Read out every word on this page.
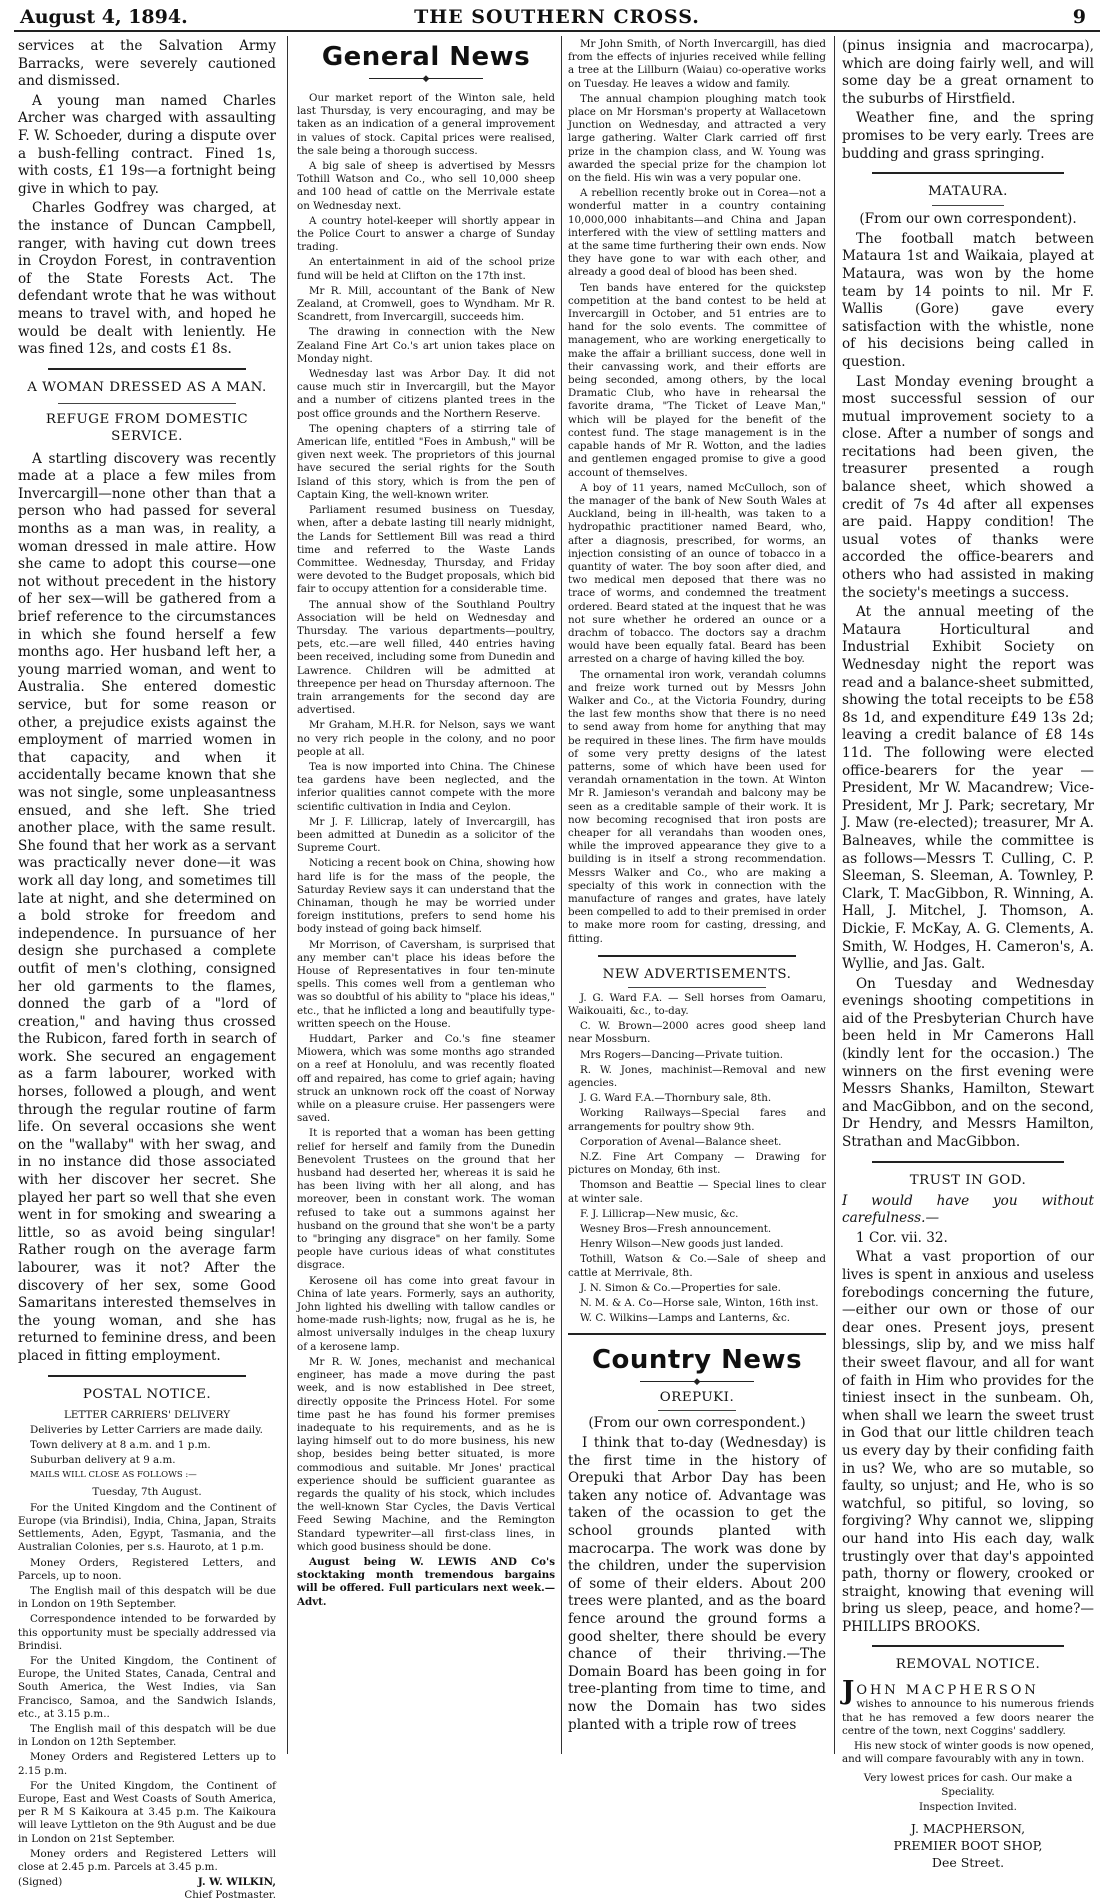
August 4, 1894.	THE SOUTHERN CROSS.	9

services at the Salvation Army Barracks, were severely cautioned and dismissed.

A young man named Charles Archer was charged with assaulting F. W. Schoeder, during a dispute over a bush-felling contract. Fined 1s, with costs, £1 19s—a fortnight being give in which to pay.

Charles Godfrey was charged, at the instance of Duncan Campbell, ranger, with having cut down trees in Croydon Forest, in contravention of the State Forests Act. The defendant wrote that he was without means to travel with, and hoped he would be dealt with leniently. He was fined 12s, and costs £1 8s.

A WOMAN DRESSED AS A MAN.
REFUGE FROM DOMESTIC SERVICE.

A startling discovery was recently made at a place a few miles from Invercargill—none other than that a person who had passed for several months as a man was, in reality, a woman dressed in male attire. How she came to adopt this course—one not without precedent in the history of her sex—will be gathered from a brief reference to the circumstances in which she found herself a few months ago. Her husband left her, a young married woman, and went to Australia. She entered domestic service, but for some reason or other, a prejudice exists against the employment of married women in that capacity, and when it accidentally became known that she was not single, some unpleasantness ensued, and she left. She tried another place, with the same result. She found that her work as a servant was practically never done—it was work all day long, and sometimes till late at night, and she determined on a bold stroke for freedom and independence. In pursuance of her design she purchased a complete outfit of men's clothing, consigned her old garments to the flames, donned the garb of a "lord of creation," and having thus crossed the Rubicon, fared forth in search of work. She secured an engagement as a farm labourer, worked with horses, followed a plough, and went through the regular routine of farm life. On several occasions she went on the "wallaby" with her swag, and in no instance did those associated with her discover her secret. She played her part so well that she even went in for smoking and swearing a little, so as avoid being singular! Rather rough on the average farm labourer, was it not? After the discovery of her sex, some Good Samaritans interested themselves in the young woman, and she has returned to feminine dress, and been placed in fitting employment.

POSTAL NOTICE.

LETTER CARRIERS' DELIVERY

Deliveries by Letter Carriers are made daily.

Town delivery at 8 a.m. and 1 p.m.

Suburban delivery at 9 a.m.

MAILS WILL CLOSE AS FOLLOWS :—

Tuesday, 7th August.

For the United Kingdom and the Continent of Europe (via Brindisi), India, China, Japan, Straits Settlements, Aden, Egypt, Tasmania, and the Australian Colonies, per s.s. Hauroto, at 1 p.m.

Money Orders, Registered Letters, and Parcels, up to noon.

The English mail of this despatch will be due in London on 19th September.

Correspondence intended to be forwarded by this opportunity must be specially addressed via Brindisi.

For the United Kingdom, the Continent of Europe, the United States, Canada, Central and South America, the West Indies, via San Francisco, Samoa, and the Sandwich Islands, etc., at 3.15 p.m..

The English mail of this despatch will be due in London on 12th September.

Money Orders and Registered Letters up to 2.15 p.m.

For the United Kingdom, the Continent of Europe, East and West Coasts of South America, per R M S Kaikoura at 3.45 p.m. The Kaikoura will leave Lyttleton on the 9th August and be due in London on 21st September.

Money orders and Registered Letters will close at 2.45 p.m. Parcels at 3.45 p.m.

(Signed)	J. W. WILKIN,

Chief Postmaster.

General News
◆

Our market report of the Winton sale, held last Thursday, is very encouraging, and may be taken as an indication of a general improvement in values of stock. Capital prices were realised, the sale being a thorough success.

A big sale of sheep is advertised by Messrs Tothill Watson and Co., who sell 10,000 sheep and 100 head of cattle on the Merrivale estate on Wednesday next.

A country hotel-keeper will shortly appear in the Police Court to answer a charge of Sunday trading.

An entertainment in aid of the school prize fund will be held at Clifton on the 17th inst.

Mr R. Mill, accountant of the Bank of New Zealand, at Cromwell, goes to Wyndham. Mr R. Scandrett, from Invercargill, succeeds him.

The drawing in connection with the New Zealand Fine Art Co.'s art union takes place on Monday night.

Wednesday last was Arbor Day. It did not cause much stir in Invercargill, but the Mayor and a number of citizens planted trees in the post office grounds and the Northern Reserve.

The opening chapters of a stirring tale of American life, entitled "Foes in Ambush," will be given next week. The proprietors of this journal have secured the serial rights for the South Island of this story, which is from the pen of Captain King, the well-known writer.

Parliament resumed business on Tuesday, when, after a debate lasting till nearly midnight, the Lands for Settlement Bill was read a third time and referred to the Waste Lands Committee. Wednesday, Thursday, and Friday were devoted to the Budget proposals, which bid fair to occupy attention for a considerable time.

The annual show of the Southland Poultry Association will be held on Wednesday and Thursday. The various departments—poultry, pets, etc.—are well filled, 440 entries having been received, including some from Dunedin and Lawrence. Children will be admitted at threepence per head on Thursday afternoon. The train arrangements for the second day are advertised.

Mr Graham, M.H.R. for Nelson, says we want no very rich people in the colony, and no poor people at all.

Tea is now imported into China. The Chinese tea gardens have been neglected, and the inferior qualities cannot compete with the more scientific cultivation in India and Ceylon.

Mr J. F. Lillicrap, lately of Invercargill, has been admitted at Dunedin as a solicitor of the Supreme Court.

Noticing a recent book on China, showing how hard life is for the mass of the people, the Saturday Review says it can understand that the Chinaman, though he may be worried under foreign institutions, prefers to send home his body instead of going back himself.

Mr Morrison, of Caversham, is surprised that any member can't place his ideas before the House of Representatives in four ten-minute spells. This comes well from a gentleman who was so doubtful of his ability to "place his ideas," etc., that he inflicted a long and beautifully type-written speech on the House.

Huddart, Parker and Co.'s fine steamer Miowera, which was some months ago stranded on a reef at Honolulu, and was recently floated off and repaired, has come to grief again; having struck an unknown rock off the coast of Norway while on a pleasure cruise. Her passengers were saved.

It is reported that a woman has been getting relief for herself and family from the Dunedin Benevolent Trustees on the ground that her husband had deserted her, whereas it is said he has been living with her all along, and has moreover, been in constant work. The woman refused to take out a summons against her husband on the ground that she won't be a party to "bringing any disgrace" on her family. Some people have curious ideas of what constitutes disgrace.

Kerosene oil has come into great favour in China of late years. Formerly, says an authority, John lighted his dwelling with tallow candles or home-made rush-lights; now, frugal as he is, he almost universally indulges in the cheap luxury of a kerosene lamp.

Mr R. W. Jones, mechanist and mechanical engineer, has made a move during the past week, and is now established in Dee street, directly opposite the Princess Hotel. For some time past he has found his former premises inadequate to his requirements, and as he is laying himself out to do more business, his new shop, besides being better situated, is more commodious and suitable. Mr Jones' practical experience should be sufficient guarantee as regards the quality of his stock, which includes the well-known Star Cycles, the Davis Vertical Feed Sewing Machine, and the Remington Standard typewriter—all first-class lines, in which good business should be done.

August being W. LEWIS AND Co's stocktaking month tremendous bargains will be offered. Full particulars next week.—Advt.

Mr John Smith, of North Invercargill, has died from the effects of injuries received while felling a tree at the Lillburn (Waiau) co-operative works on Tuesday. He leaves a widow and family.

The annual champion ploughing match took place on Mr Horsman's property at Wallacetown Junction on Wednesday, and attracted a very large gathering. Walter Clark carried off first prize in the champion class, and W. Young was awarded the special prize for the champion lot on the field. His win was a very popular one.

A rebellion recently broke out in Corea—not a wonderful matter in a country containing 10,000,000 inhabitants—and China and Japan interfered with the view of settling matters and at the same time furthering their own ends. Now they have gone to war with each other, and already a good deal of blood has been shed.

Ten bands have entered for the quickstep competition at the band contest to be held at Invercargill in October, and 51 entries are to hand for the solo events. The committee of management, who are working energetically to make the affair a brilliant success, done well in their canvassing work, and their efforts are being seconded, among others, by the local Dramatic Club, who have in rehearsal the favorite drama, "The Ticket of Leave Man," which will be played for the benefit of the contest fund. The stage management is in the capable hands of Mr R. Wotton, and the ladies and gentlemen engaged promise to give a good account of themselves.

A boy of 11 years, named McCulloch, son of the manager of the bank of New South Wales at Auckland, being in ill-health, was taken to a hydropathic practitioner named Beard, who, after a diagnosis, prescribed, for worms, an injection consisting of an ounce of tobacco in a quantity of water. The boy soon after died, and two medical men deposed that there was no trace of worms, and condemned the treatment ordered. Beard stated at the inquest that he was not sure whether he ordered an ounce or a drachm of tobacco. The doctors say a drachm would have been equally fatal. Beard has been arrested on a charge of having killed the boy.

The ornamental iron work, verandah columns and freize work turned out by Messrs John Walker and Co., at the Victoria Foundry, during the last few months show that there is no need to send away from home for anything that may be required in these lines. The firm have moulds of some very pretty designs of the latest patterns, some of which have been used for verandah ornamentation in the town. At Winton Mr R. Jamieson's verandah and balcony may be seen as a creditable sample of their work. It is now becoming recognised that iron posts are cheaper for all verandahs than wooden ones, while the improved appearance they give to a building is in itself a strong recommendation. Messrs Walker and Co., who are making a specialty of this work in connection with the manufacture of ranges and grates, have lately been compelled to add to their premised in order to make more room for casting, dressing, and fitting.

NEW ADVERTISEMENTS.

J. G. Ward F.A. — Sell horses from Oamaru, Waikouaiti, &c., to-day.

C. W. Brown—2000 acres good sheep land near Mossburn.

Mrs Rogers—Dancing—Private tuition.

R. W. Jones, machinist—Removal and new agencies.

J. G. Ward F.A.—Thornbury sale, 8th.

Working Railways—Special fares and arrangements for poultry show 9th.

Corporation of Avenal—Balance sheet.

N.Z. Fine Art Company — Drawing for pictures on Monday, 6th inst.

Thomson and Beattie — Special lines to clear at winter sale.

F. J. Lillicrap—New music, &c.

Wesney Bros—Fresh announcement.

Henry Wilson—New goods just landed.

Tothill, Watson & Co.—Sale of sheep and cattle at Merrivale, 8th.

J. N. Simon & Co.—Properties for sale.

N. M. & A. Co—Horse sale, Winton, 16th inst.

W. C. Wilkins—Lamps and Lanterns, &c.

Country News
◆
OREPUKI.

(From our own correspondent.)

I think that to-day (Wednesday) is the first time in the history of Orepuki that Arbor Day has been taken any notice of. Advantage was taken of the ocassion to get the school grounds planted with macrocarpa. The work was done by the children, under the supervision of some of their elders. About 200 trees were planted, and as the board fence around the ground forms a good shelter, there should be every chance of their thriving.—The Domain Board has been going in for tree-planting from time to time, and now the Domain has two sides planted with a triple row of trees

(pinus insignia and macrocarpa), which are doing fairly well, and will some day be a great ornament to the suburbs of Hirstfield.

Weather fine, and the spring promises to be very early. Trees are budding and grass springing.

MATAURA.

(From our own correspondent).

The football match between Mataura 1st and Waikaia, played at Mataura, was won by the home team by 14 points to nil. Mr F. Wallis (Gore) gave every satisfaction with the whistle, none of his decisions being called in question.

Last Monday evening brought a most successful session of our mutual improvement society to a close. After a number of songs and recitations had been given, the treasurer presented a rough balance sheet, which showed a credit of 7s 4d after all expenses are paid. Happy condition! The usual votes of thanks were accorded the office-bearers and others who had assisted in making the society's meetings a success.

At the annual meeting of the Mataura Horticultural and Industrial Exhibit Society on Wednesday night the report was read and a balance-sheet submitted, showing the total receipts to be £58 8s 1d, and expenditure £49 13s 2d; leaving a credit balance of £8 14s 11d. The following were elected office-bearers for the year — President, Mr W. Macandrew; Vice-President, Mr J. Park; secretary, Mr J. Maw (re-elected); treasurer, Mr A. Balneaves, while the committee is as follows—Messrs T. Culling, C. P. Sleeman, S. Sleeman, A. Townley, P. Clark, T. MacGibbon, R. Winning, A. Hall, J. Mitchel, J. Thomson, A. Dickie, F. McKay, A. G. Clements, A. Smith, W. Hodges, H. Cameron's, A. Wyllie, and Jas. Galt.

On Tuesday and Wednesday evenings shooting competitions in aid of the Presbyterian Church have been held in Mr Camerons Hall (kindly lent for the occasion.) The winners on the first evening were Messrs Shanks, Hamilton, Stewart and MacGibbon, and on the second, Dr Hendry, and Messrs Hamilton, Strathan and MacGibbon.

TRUST IN GOD.

I would have you without carefulness.—

1 Cor. vii. 32.

What a vast proportion of our lives is spent in anxious and useless forebodings concerning the future,—either our own or those of our dear ones. Present joys, present blessings, slip by, and we miss half their sweet flavour, and all for want of faith in Him who provides for the tiniest insect in the sunbeam. Oh, when shall we learn the sweet trust in God that our little children teach us every day by their confiding faith in us? We, who are so mutable, so faulty, so unjust; and He, who is so watchful, so pitiful, so loving, so forgiving? Why cannot we, slipping our hand into His each day, walk trustingly over that day's appointed path, thorny or flowery, crooked or straight, knowing that evening will bring us sleep, peace, and home?—PHILLIPS BROOKS.

REMOVAL NOTICE.
J OHN MACPHERSON

wishes to announce to his numerous friends that he has removed a few doors nearer the centre of the town, next Coggins' saddlery.

His new stock of winter goods is now opened, and will compare favourably with any in town.

Very lowest prices for cash. Our make a Speciality.

Inspection Invited.

J. MACPHERSON,
PREMIER BOOT SHOP,
Dee Street.
